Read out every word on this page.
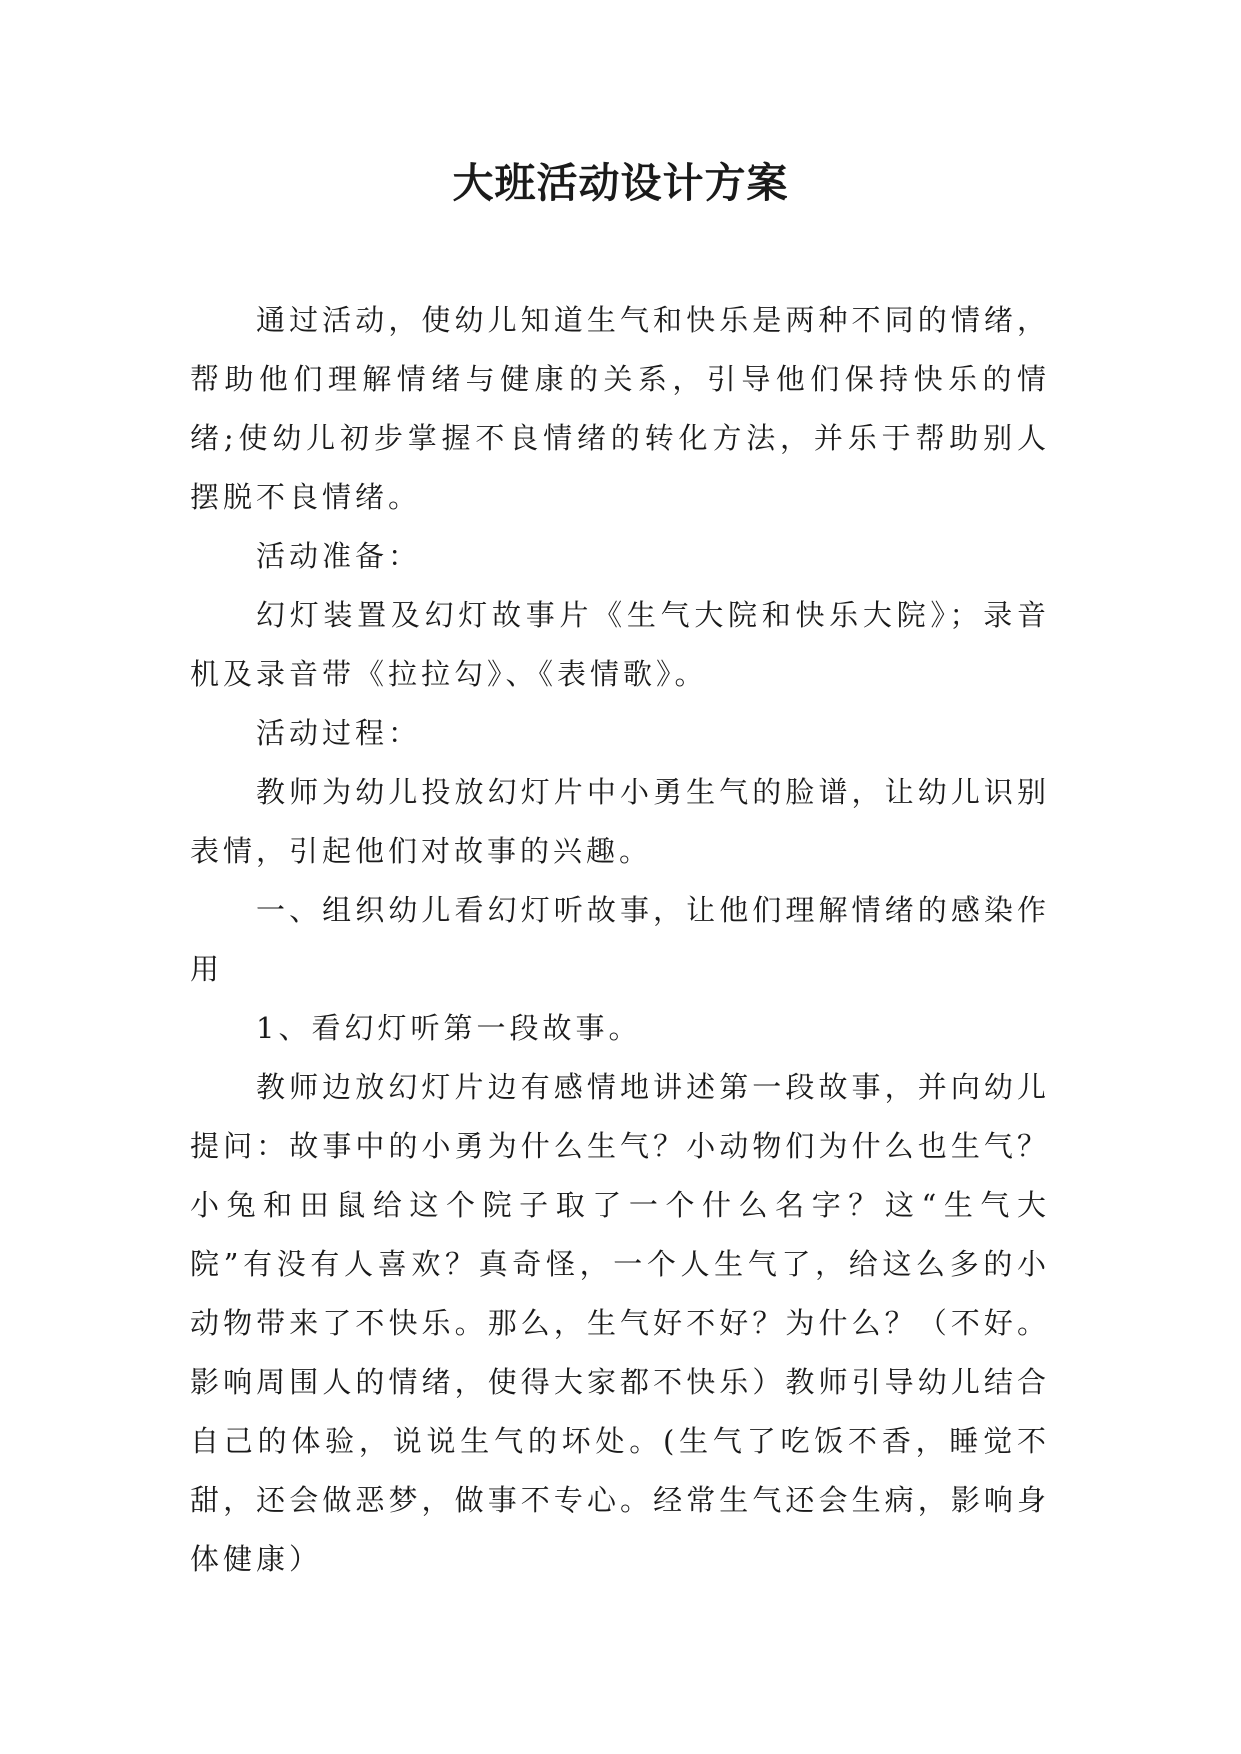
大班活动设计方案

通过活动，使幼儿知道生气和快乐是两种不同的情绪，帮助他们理解情绪与健康的关系，引导他们保持快乐的情绪;使幼儿初步掌握不良情绪的转化方法，并乐于帮助别人摆脱不良情绪。

活动准备：

幻灯装置及幻灯故事片《生气大院和快乐大院》；录音机及录音带《拉拉勾》、《表情歌》。

活动过程：

教师为幼儿投放幻灯片中小勇生气的脸谱，让幼儿识别表情，引起他们对故事的兴趣。

一、组织幼儿看幻灯听故事，让他们理解情绪的感染作用

1、看幻灯听第一段故事。

教师边放幻灯片边有感情地讲述第一段故事，并向幼儿提问：故事中的小勇为什么生气？小动物们为什么也生气？小兔和田鼠给这个院子取了一个什么名字？这“生气大院”有没有人喜欢？真奇怪，一个人生气了，给这么多的小动物带来了不快乐。那么，生气好不好？为什么？（不好。影响周围人的情绪，使得大家都不快乐）教师引导幼儿结合自己的体验，说说生气的坏处。(生气了吃饭不香，睡觉不甜，还会做恶梦，做事不专心。经常生气还会生病，影响身体健康）
